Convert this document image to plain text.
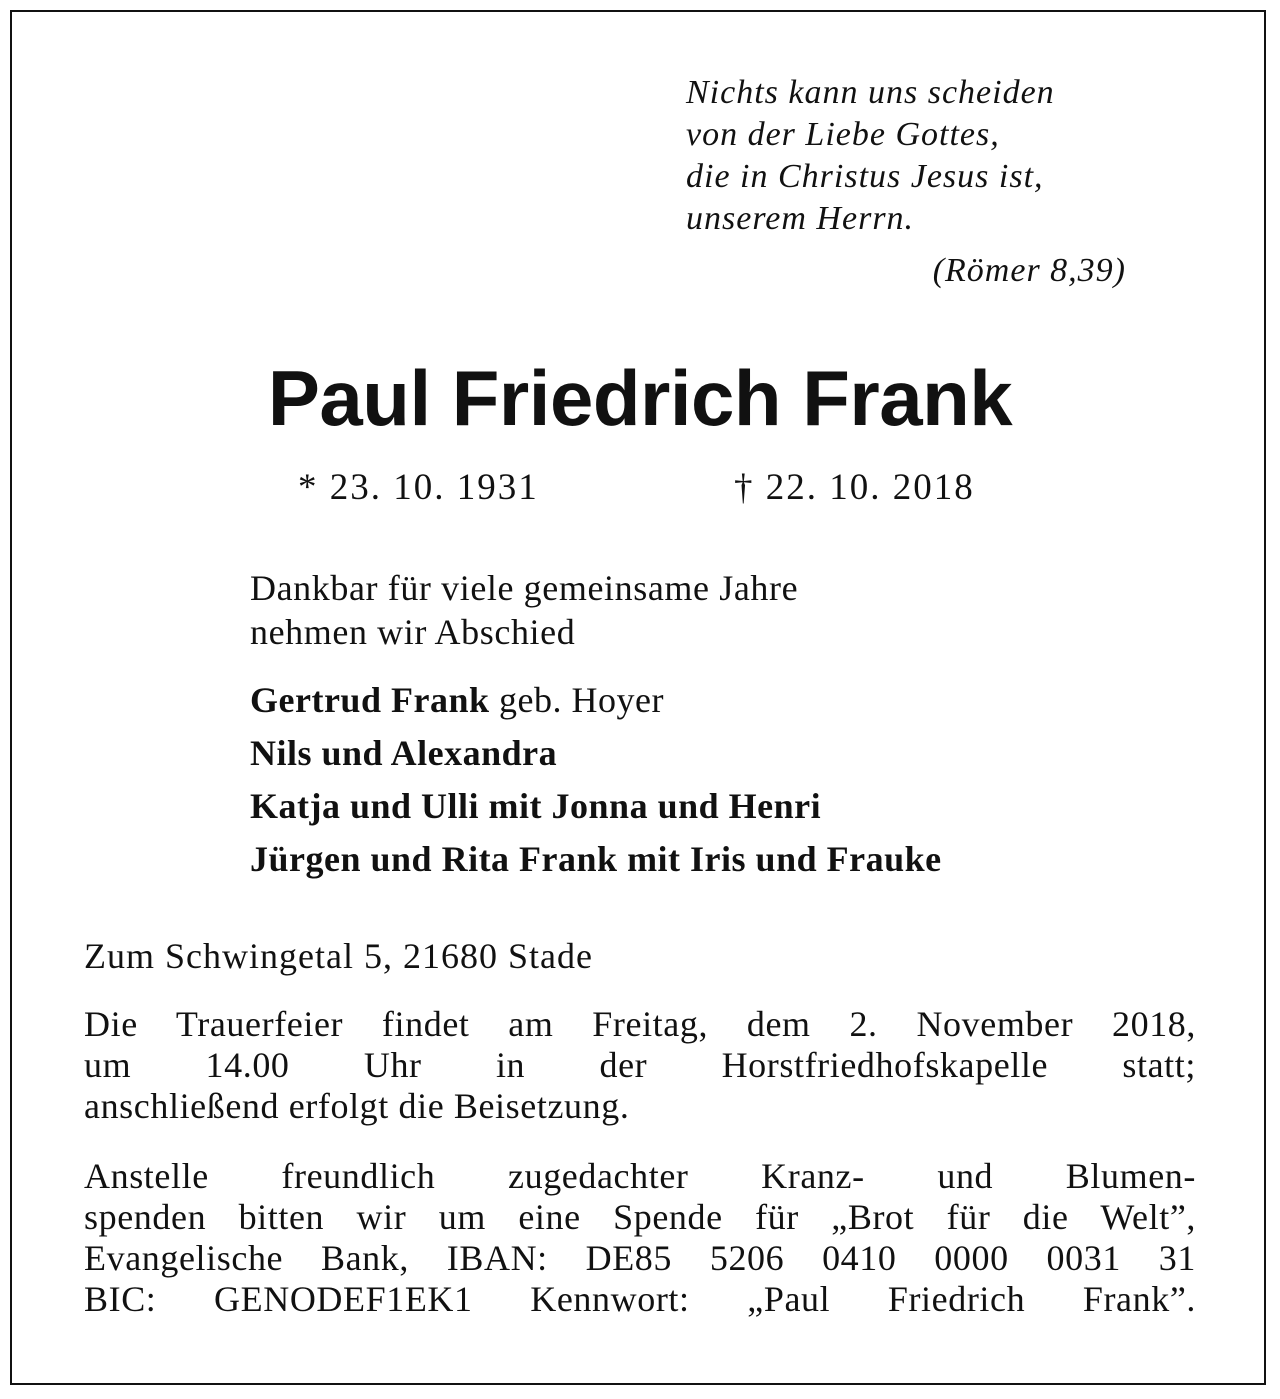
Nichts kann uns scheiden
von der Liebe Gottes,
die in Christus Jesus ist,
unserem Herrn.
(Römer 8,39)
Paul Friedrich Frank
* 23. 10. 1931	† 22. 10. 2018
Dankbar für viele gemeinsame Jahre
nehmen wir Abschied
Gertrud Frank geb. Hoyer
Nils und Alexandra
Katja und Ulli mit Jonna und Henri
Jürgen und Rita Frank mit Iris und Frauke
Zum Schwingetal 5, 21680 Stade
Die Trauerfeier findet am Freitag, dem 2. November 2018,
um 14.00 Uhr in der Horstfriedhofskapelle statt;
anschließend erfolgt die Beisetzung.
Anstelle freundlich zugedachter Kranz- und Blumen-
spenden bitten wir um eine Spende für „Brot für die Welt”,
Evangelische Bank, IBAN: DE85 5206 0410 0000 0031 31
BIC: GENODEF1EK1 Kennwort: „Paul Friedrich Frank”.
